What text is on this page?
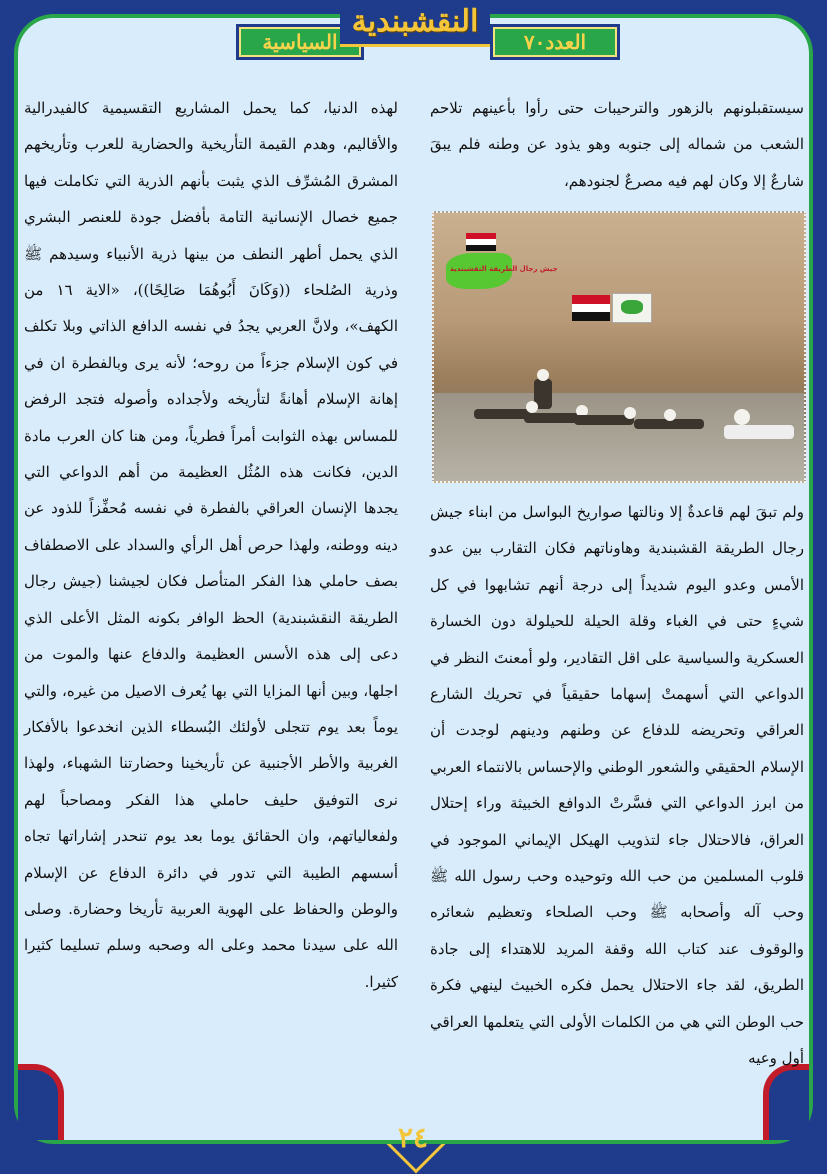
السياسية
النقشبندية
العدد٧٠

سيستقبلونهم بالزهور والترحيبات حتى رأوا بأعينهم تلاحم الشعب من شماله إلى جنوبه وهو يذود عن وطنه فلم يبقَ شارعٌ إلا وكان لهم فيه مصرعٌ لجنودهم،

جيش رجال الطريقة النقشبندية

ولم تبقَ لهم قاعدةٌ إلا ونالتها صواريخ البواسل من ابناء جيش رجال الطريقة القشبندية وهاوناتهم فكان التقارب بين عدو الأمس وعدو اليوم شديداً إلى درجة أنهم تشابهوا في كل شيءٍ حتى في الغباء وقلة الحيلة للحيلولة دون الخسارة العسكرية والسياسية على اقل التقادير، ولو أمعنتَ النظر في الدواعي التي أسهمتْ إسهاما حقيقياً في تحريك الشارع العراقي وتحريضه للدفاع عن وطنهم ودينهم لوجدت أن الإسلام الحقيقي والشعور الوطني والإحساس بالانتماء العربي من ابرز الدواعي التي فسَّرتْ الدوافع الخبيثة وراء إحتلال العراق، فالاحتلال جاء لتذويب الهيكل الإيماني الموجود في قلوب المسلمين من حب الله وتوحيده وحب رسول الله ﷺ وحب آله وأصحابه ﷺ وحب الصلحاء وتعظيم شعائره والوقوف عند كتاب الله وقفة المريد للاهتداء إلى جادة الطريق، لقد جاء الاحتلال يحمل فكره الخبيث لينهي فكرة حب الوطن التي هي من الكلمات الأولى التي يتعلمها العراقي أول وعيه

لهذه الدنيا، كما يحمل المشاريع التقسيمية كالفيدرالية والأقاليم، وهدم القيمة التأريخية والحضارية للعرب وتأريخهم المشرق المُشرِّف الذي يثبت بأنهم الذرية التي تكاملت فيها جميع خصال الإنسانية التامة بأفضل جودة للعنصر البشري الذي يحمل أطهر النطف من بينها ذرية الأنبياء وسيدهم ﷺ وذرية الصُلحاء ((وَكَانَ أَبُوهُمَا صَالِحًا))، «الاية ١٦ من الكهف»، ولانَّ العربي يجدُ في نفسه الدافع الذاتي وبلا تكلف في كون الإسلام جزءاً من روحه؛ لأنه يرى وبالفطرة ان في إهانة الإسلام أهانةً لتأريخه ولأجداده وأصوله فتجد الرفض للمساس بهذه الثوابت أمراً فطرياً، ومن هنا كان العرب مادة الدين، فكانت هذه المُثُل العظيمة من أهم الدواعي التي يجدها الإنسان العراقي بالفطرة في نفسه مُحفِّزاً للذود عن دينه ووطنه، ولهذا حرص أهل الرأي والسداد على الاصطفاف بصف حاملي هذا الفكر المتأصل فكان لجيشنا (جيش رجال الطريقة النقشبندية) الحظ الوافر بكونه المثل الأعلى الذي دعى إلى هذه الأسس العظيمة والدفاع عنها والموت من اجلها، وبين أنها المزايا التي بها يُعرف الاصيل من غيره، والتي يوماً بعد يوم تتجلى لأولئك البُسطاء الذين انخدعوا بالأفكار الغربية والأطر الأجنبية عن تأريخينا وحضارتنا الشهباء، ولهذا نرى التوفيق حليف حاملي هذا الفكر ومصاحباً لهم ولفعالياتهم، وان الحقائق يوما بعد يوم تنحدر إشاراتها تجاه أسسهم الطيبة التي تدور في دائرة الدفاع عن الإسلام والوطن والحفاظ على الهوية العربية تأريخا وحضارة. وصلى الله على سيدنا محمد وعلى اله وصحبه وسلم تسليما كثيرا كثيرا.

٢٤
